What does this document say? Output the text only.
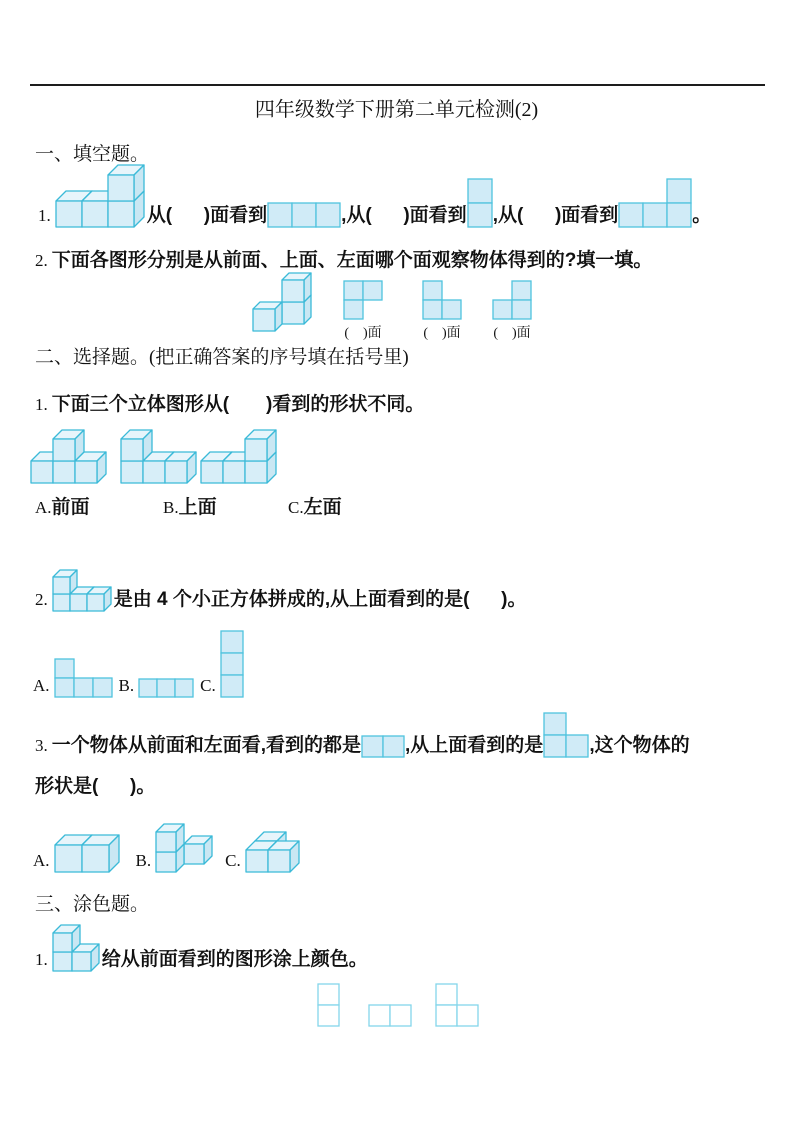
四年级数学下册第二单元检测(2)
一、填空题。
1.	从(      )面看到	,从(      )面看到 ,从(      )面看到	。
2. 下面各图形分别是从前面、上面、左面哪个面观察物体得到的?填一填。
(    )面	(    )面	(    )面
二、选择题。(把正确答案的序号填在括号里)
1. 下面三个立体图形从(       )看到的形状不同。
A. 前面	B. 上面	C. 左面
2.	是由 4 个小正方体拼成的,从上面看到的是(      )。
A.	B.	C.
3. 一个物体从前面和左面看,看到的都是 ,从上面看到的是 ,这个物体的
形状是(      )。
A.	B.	C.
三、涂色题。
1.	给从前面看到的图形涂上颜色。
